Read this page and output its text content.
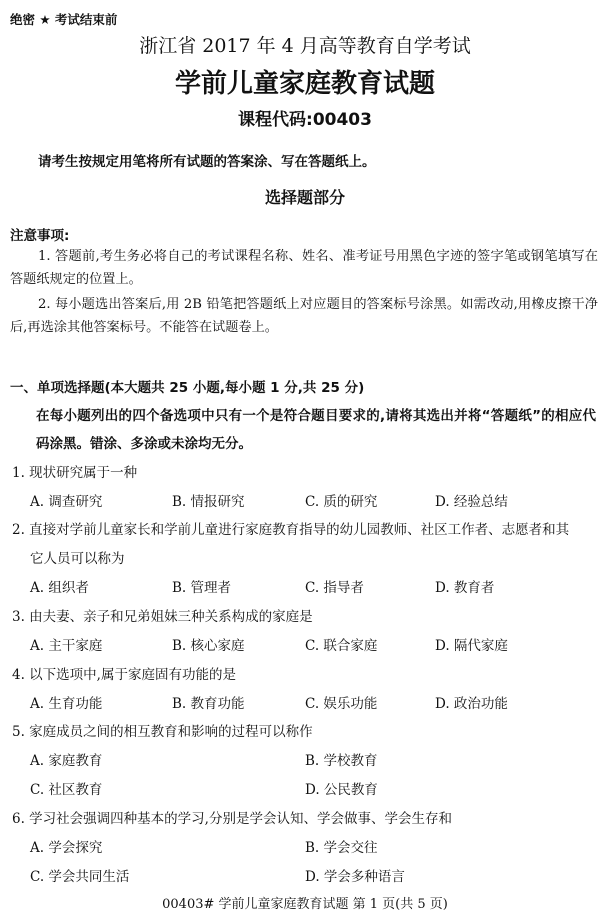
绝密 ★ 考试结束前
浙江省 2017 年 4 月高等教育自学考试
学前儿童家庭教育试题
课程代码:00403
请考生按规定用笔将所有试题的答案涂、写在答题纸上。
选择题部分
注意事项:
1. 答题前,考生务必将自己的考试课程名称、姓名、准考证号用黑色字迹的签字笔或钢笔填写在答题纸规定的位置上。
2. 每小题选出答案后,用 2B 铅笔把答题纸上对应题目的答案标号涂黑。如需改动,用橡皮擦干净后,再选涂其他答案标号。不能答在试题卷上。
一、单项选择题(本大题共 25 小题,每小题 1 分,共 25 分)
在每小题列出的四个备选项中只有一个是符合题目要求的,请将其选出并将“答题纸”的相应代码涂黑。错涂、多涂或未涂均无分。
1. 现状研究属于一种
A. 调查研究	B. 情报研究	C. 质的研究	D. 经验总结
2. 直接对学前儿童家长和学前儿童进行家庭教育指导的幼儿园教师、社区工作者、志愿者和其
它人员可以称为
A. 组织者	B. 管理者	C. 指导者	D. 教育者
3. 由夫妻、亲子和兄弟姐妹三种关系构成的家庭是
A. 主干家庭	B. 核心家庭	C. 联合家庭	D. 隔代家庭
4. 以下选项中,属于家庭固有功能的是
A. 生育功能	B. 教育功能	C. 娱乐功能	D. 政治功能
5. 家庭成员之间的相互教育和影响的过程可以称作
A. 家庭教育	B. 学校教育
C. 社区教育	D. 公民教育
6. 学习社会强调四种基本的学习,分别是学会认知、学会做事、学会生存和
A. 学会探究	B. 学会交往
C. 学会共同生活	D. 学会多种语言
00403# 学前儿童家庭教育试题 第 1 页(共 5 页)
